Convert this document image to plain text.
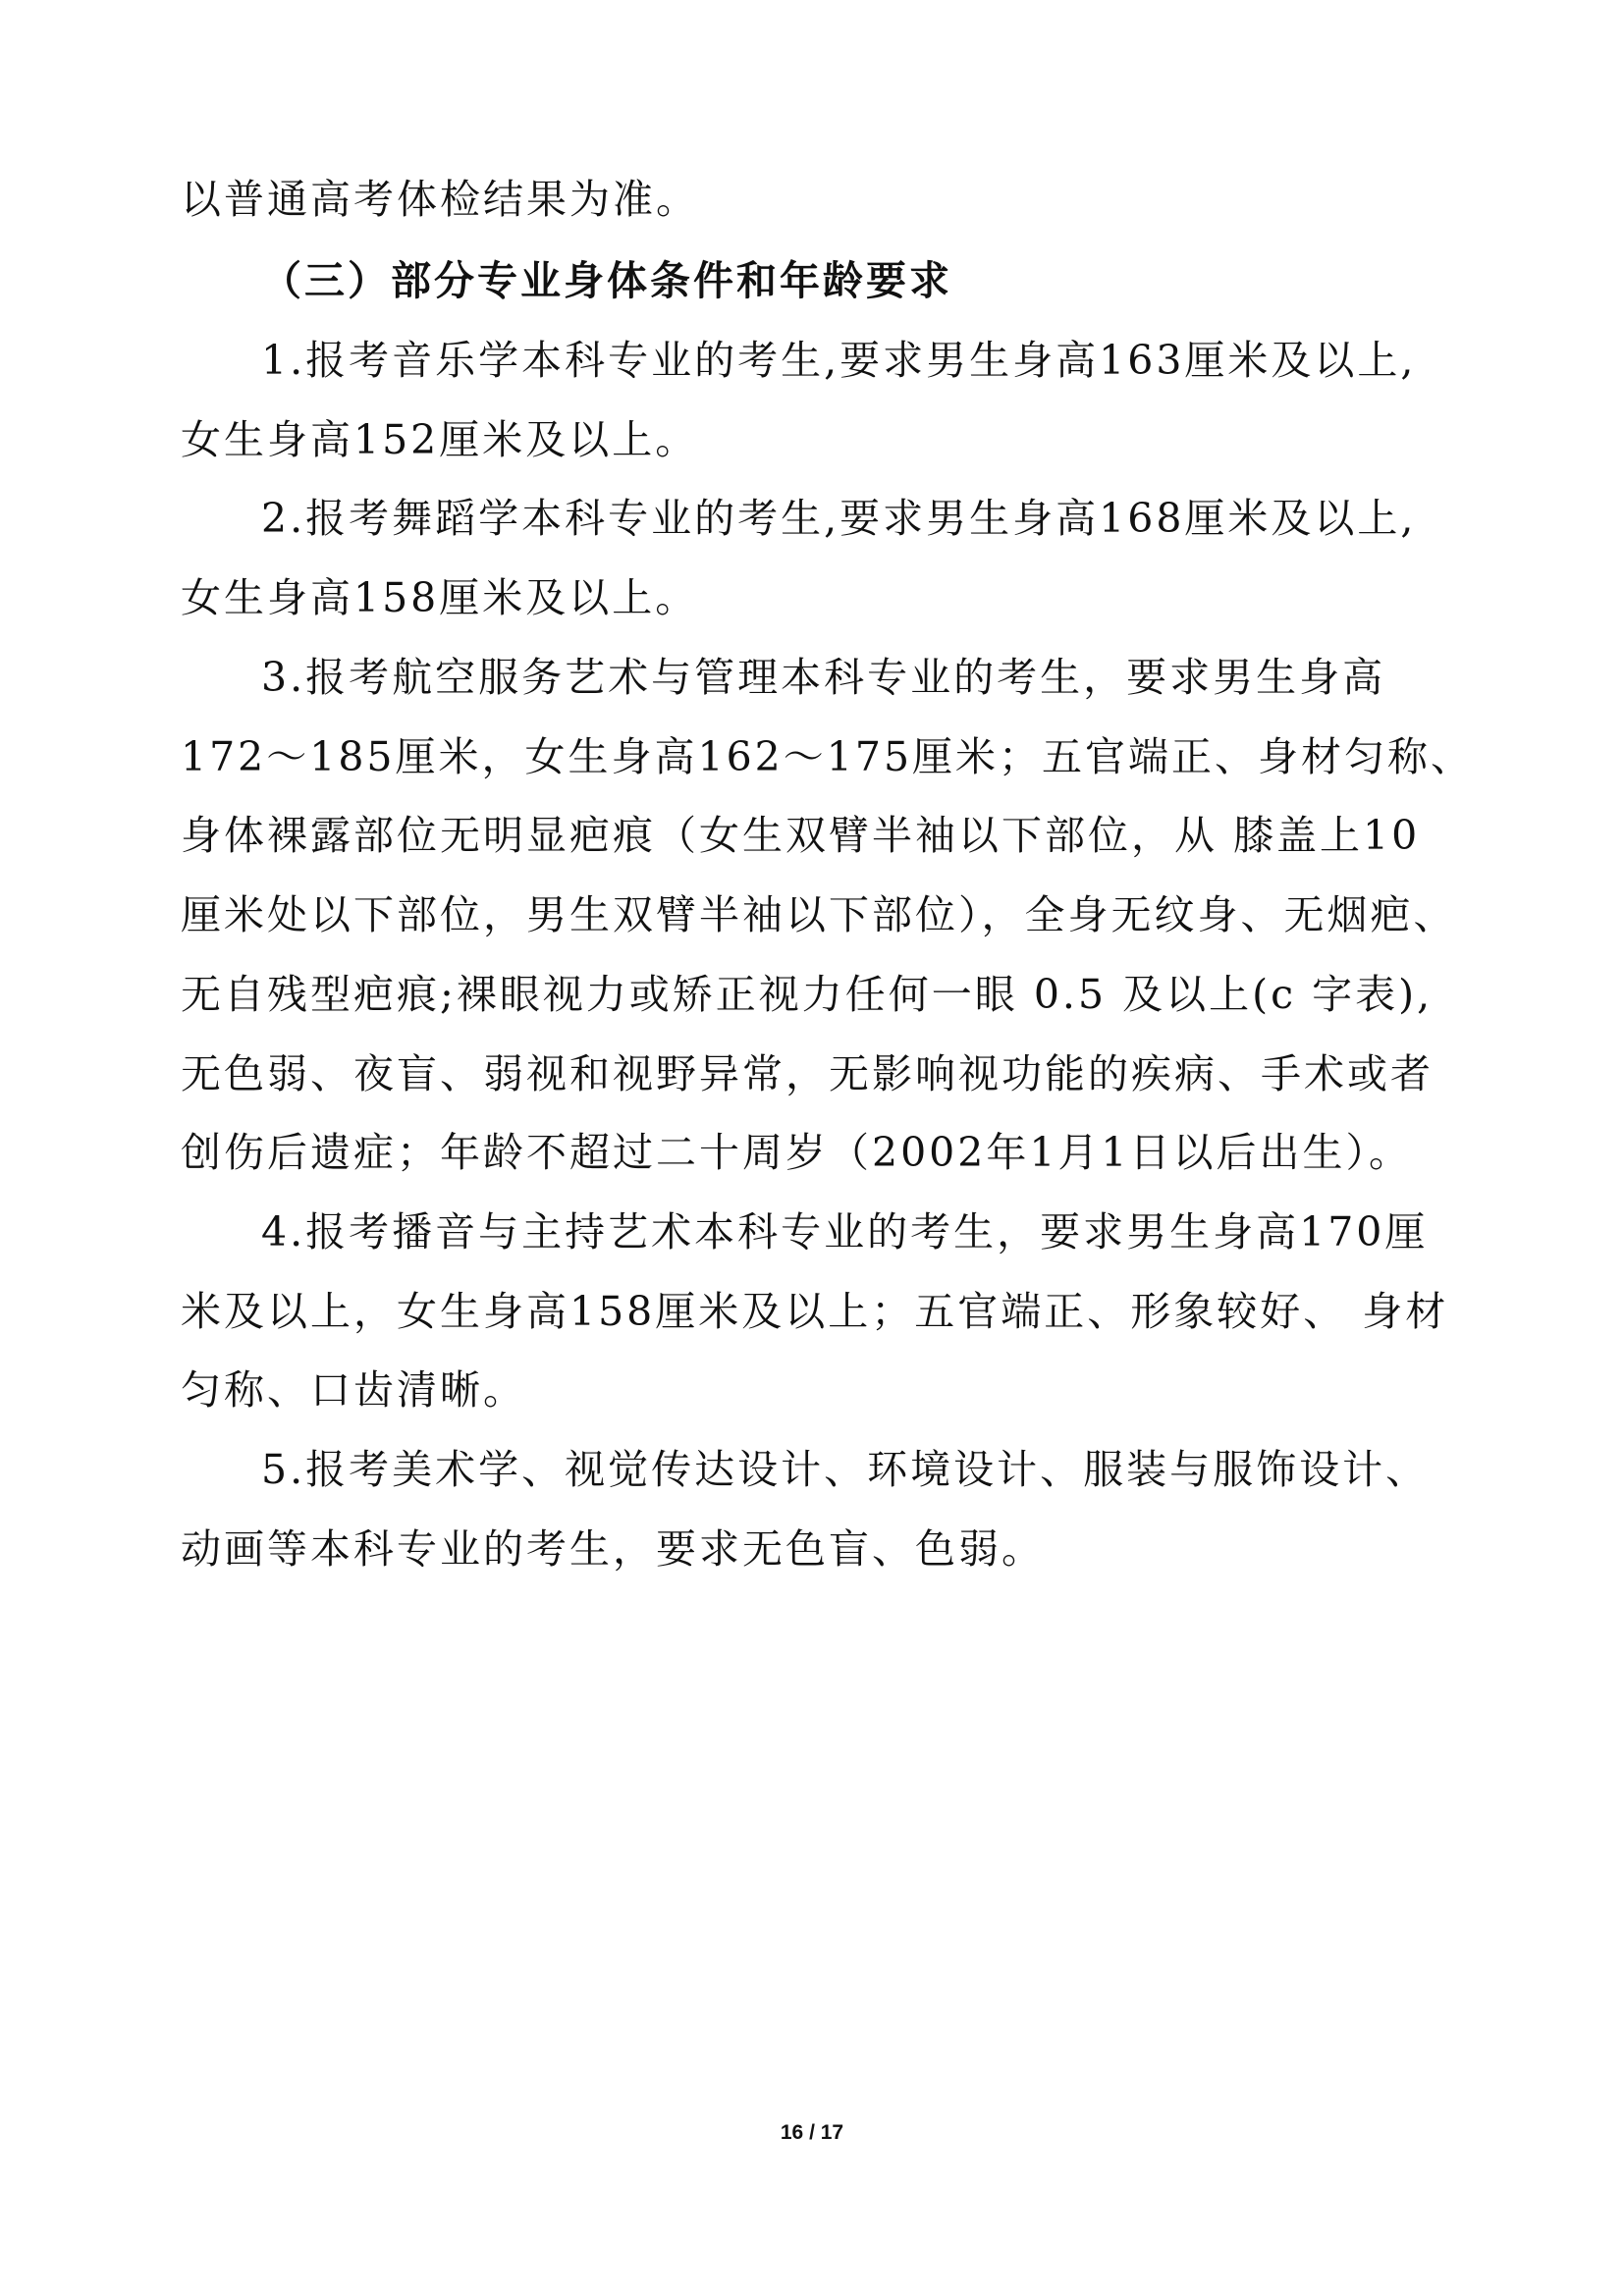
以普通高考体检结果为准。
（三）部分专业身体条件和年龄要求
1.报考音乐学本科专业的考生,要求男生身高163厘米及以上,
女生身高152厘米及以上。
2.报考舞蹈学本科专业的考生,要求男生身高168厘米及以上,
女生身高158厘米及以上。
3.报考航空服务艺术与管理本科专业的考生，要求男生身高
172～185厘米，女生身高162～175厘米；五官端正、身材匀称、
身体裸露部位无明显疤痕（女生双臂半袖以下部位，从 膝盖上10
厘米处以下部位，男生双臂半袖以下部位），全身无纹身、无烟疤、
无自残型疤痕;裸眼视力或矫正视力任何一眼 0.5 及以上(c 字表),
无色弱、夜盲、弱视和视野异常，无影响视功能的疾病、手术或者
创伤后遗症；年龄不超过二十周岁（2002年1月1日以后出生）。
4.报考播音与主持艺术本科专业的考生，要求男生身高170厘
米及以上，女生身高158厘米及以上；五官端正、形象较好、 身材
匀称、口齿清晰。
5.报考美术学、视觉传达设计、环境设计、服装与服饰设计、
动画等本科专业的考生，要求无色盲、色弱。
16 / 17
